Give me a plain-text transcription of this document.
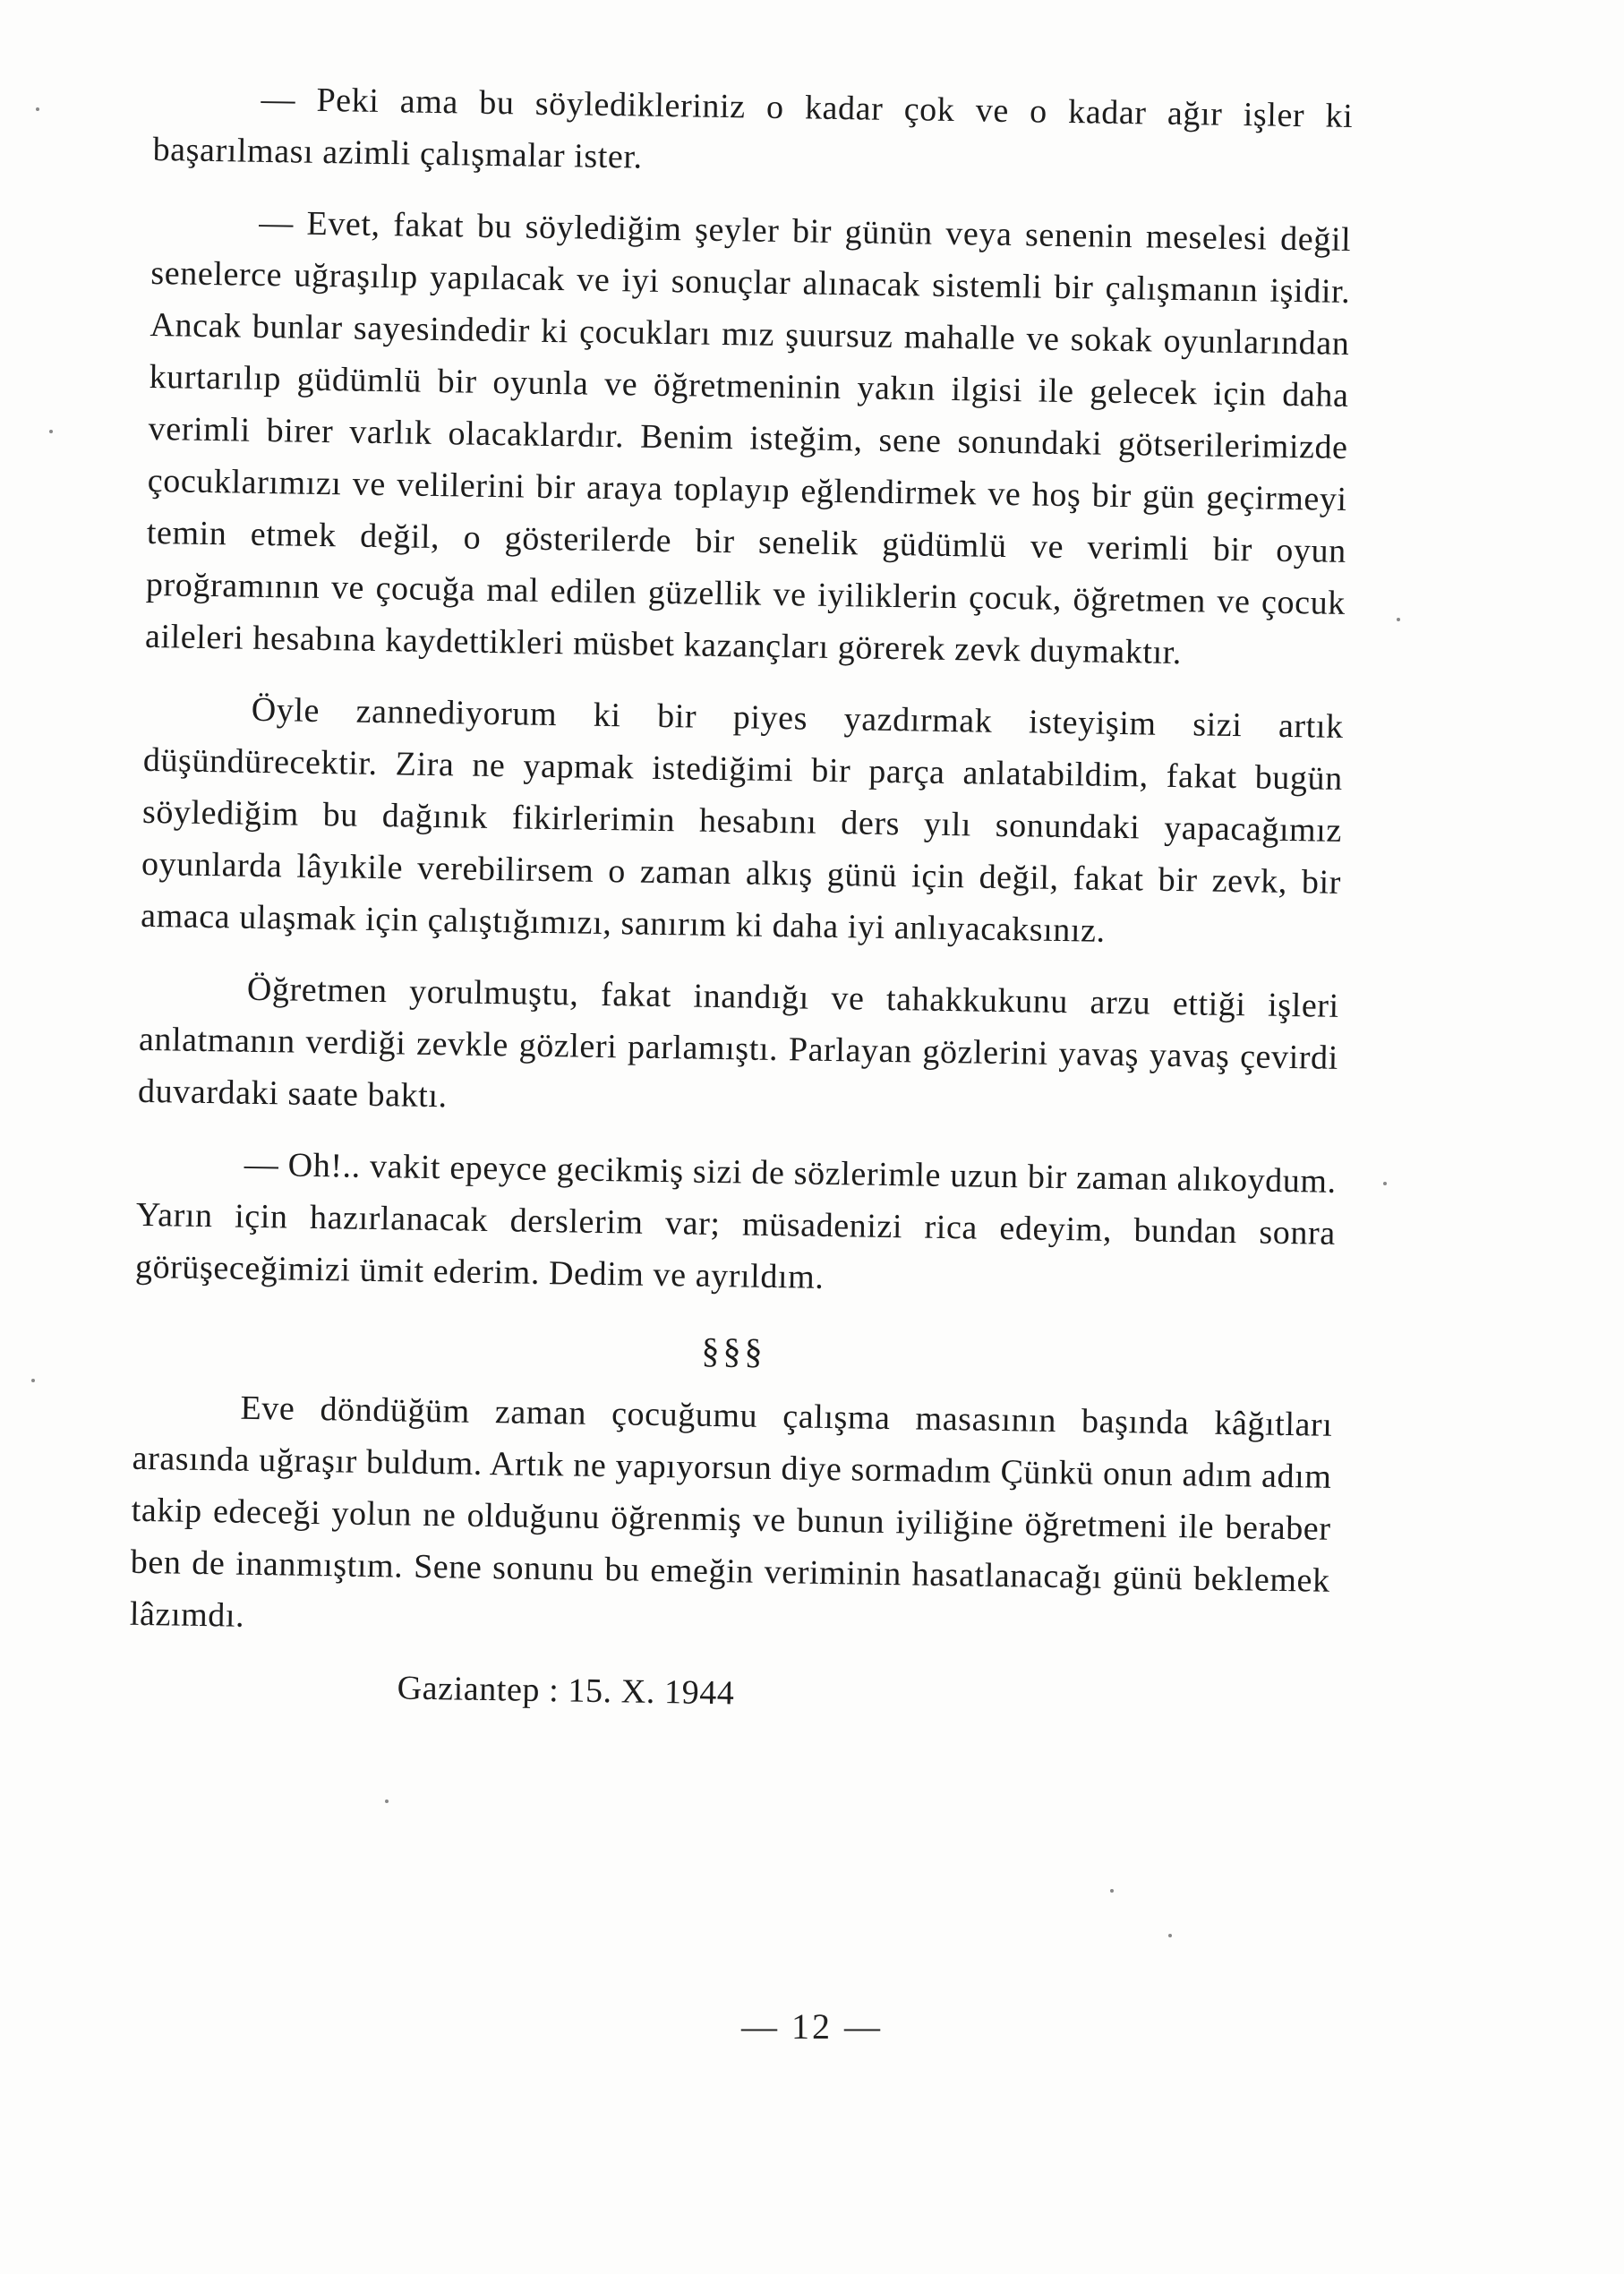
— Peki ama bu söyledikleriniz o kadar çok ve o kadar ağır işler ki başarılması azimli çalışmalar ister.

— Evet, fakat bu söylediğim şeyler bir günün veya senenin meselesi değil senelerce uğraşılıp yapılacak ve iyi sonuçlar alınacak sistemli bir çalışmanın işidir. Ancak bunlar sayesindedir ki çocukları mız şuursuz mahalle ve sokak oyunlarından kurtarılıp güdümlü bir oyunla ve öğretmeninin yakın ilgisi ile gelecek için daha verimli birer varlık olacaklardır. Benim isteğim, sene sonundaki götserilerimizde çocuklarımızı ve velilerini bir araya toplayıp eğlendirmek ve hoş bir gün geçirmeyi temin etmek değil, o gösterilerde bir senelik güdümlü ve verimli bir oyun proğramının ve çocuğa mal edilen güzellik ve iyiliklerin çocuk, öğretmen ve çocuk aileleri hesabına kaydettikleri müsbet kazançları görerek zevk duymaktır.

Öyle zannediyorum ki bir piyes yazdırmak isteyişim sizi artık düşündürecektir. Zira ne yapmak istediğimi bir parça anlatabildim, fakat bugün söylediğim bu dağınık fikirlerimin hesabını ders yılı sonundaki yapacağımız oyunlarda lâyıkile verebilirsem o zaman alkış günü için değil, fakat bir zevk, bir amaca ulaşmak için çalıştığımızı, sanırım ki daha iyi anlıyacaksınız.

Öğretmen yorulmuştu, fakat inandığı ve tahakkukunu arzu ettiği işleri anlatmanın verdiği zevkle gözleri parlamıştı. Parlayan gözlerini yavaş yavaş çevirdi duvardaki saate baktı.

— Oh!.. vakit epeyce gecikmiş sizi de sözlerimle uzun bir zaman alıkoydum. Yarın için hazırlanacak derslerim var; müsadenizi rica edeyim, bundan sonra görüşeceğimizi ümit ederim. Dedim ve ayrıldım.

§§§

Eve döndüğüm zaman çocuğumu çalışma masasının başında kâğıtları arasında uğraşır buldum. Artık ne yapıyorsun diye sormadım Çünkü onun adım adım takip edeceği yolun ne olduğunu öğrenmiş ve bunun iyiliğine öğretmeni ile beraber ben de inanmıştım. Sene sonunu bu emeğin veriminin hasatlanacağı günü beklemek lâzımdı.

Gaziantep : 15. X. 1944
— 12 —
